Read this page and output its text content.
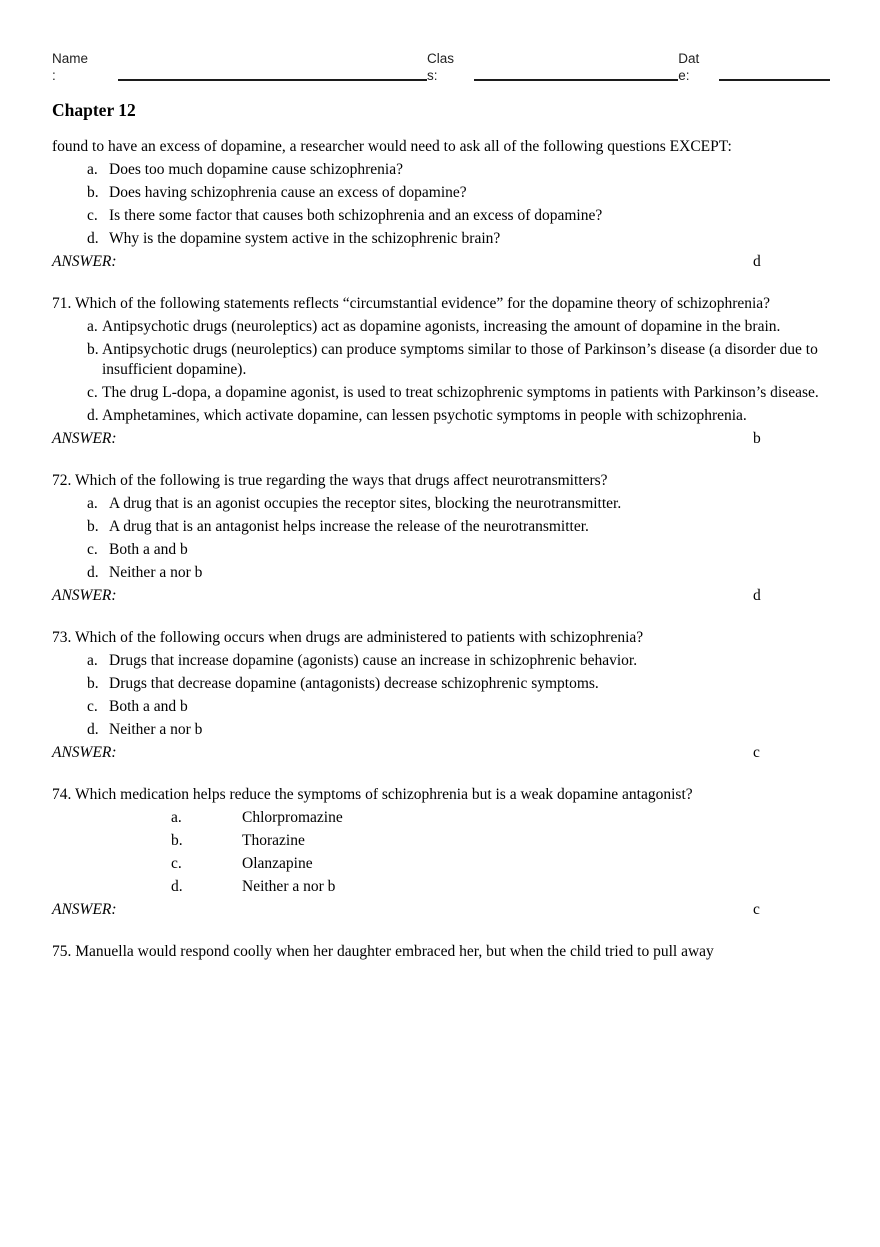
Name
:
Clas
s:
Dat
e:
Chapter 12

found to have an excess of dopamine, a researcher would need to ask all of the following questions EXCEPT:

a. Does too much dopamine cause schizophrenia?
b. Does having schizophrenia cause an excess of dopamine?
c. Is there some factor that causes both schizophrenia and an excess of dopamine?
d. Why is the dopamine system active in the schizophrenic brain?
ANSWER:	d

71. Which of the following statements reflects “circumstantial evidence” for the dopamine theory of schizophrenia?

a. Antipsychotic drugs (neuroleptics) act as dopamine agonists, increasing the amount of dopamine in the brain.
b. Antipsychotic drugs (neuroleptics) can produce symptoms similar to those of Parkinson’s disease (a disorder due to insufficient dopamine).
c. The drug L-dopa, a dopamine agonist, is used to treat schizophrenic symptoms in patients with Parkinson’s disease.
d. Amphetamines, which activate dopamine, can lessen psychotic symptoms in people with schizophrenia.
ANSWER:	b

72. Which of the following is true regarding the ways that drugs affect neurotransmitters?

a. A drug that is an agonist occupies the receptor sites, blocking the neurotransmitter.
b. A drug that is an antagonist helps increase the release of the neurotransmitter.
c. Both a and b
d. Neither a nor b
ANSWER:	d

73. Which of the following occurs when drugs are administered to patients with schizophrenia?

a. Drugs that increase dopamine (agonists) cause an increase in schizophrenic behavior.
b. Drugs that decrease dopamine (antagonists) decrease schizophrenic symptoms.
c. Both a and b
d. Neither a nor b
ANSWER:	c

74. Which medication helps reduce the symptoms of schizophrenia but is a weak dopamine antagonist?

a.	Chlorpromazine
b.	Thorazine
c.	Olanzapine
d.	Neither a nor b
ANSWER:	c

75. Manuella would respond coolly when her daughter embraced her, but when the child tried to pull away
